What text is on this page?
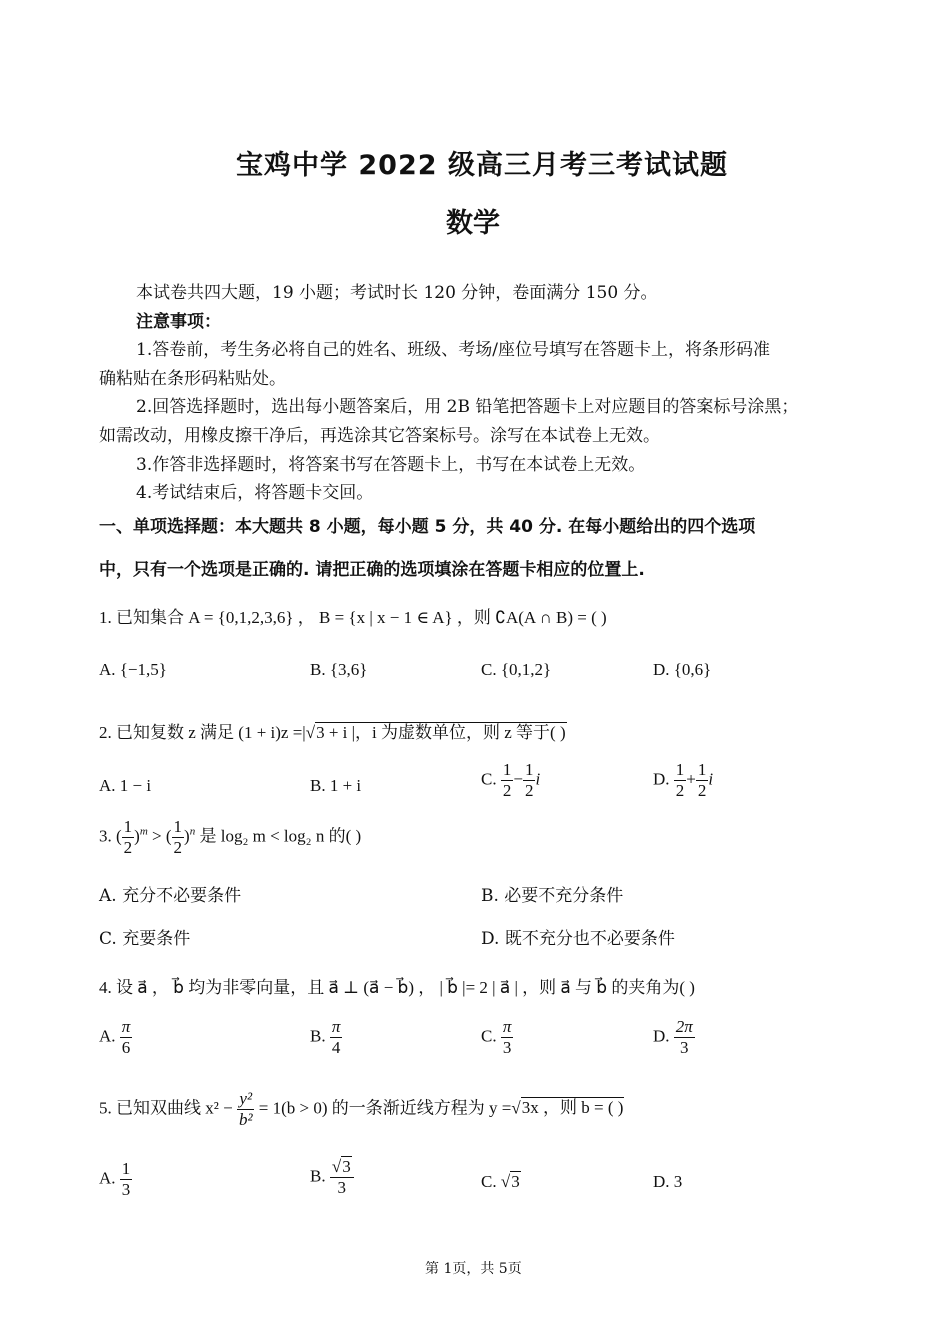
宝鸡中学 2022 级高三月考三考试试题
数学
本试卷共四大题，19 小题；考试时长 120 分钟，卷面满分 150 分。
注意事项：
1.答卷前，考生务必将自己的姓名、班级、考场/座位号填写在答题卡上，将条形码准
确粘贴在条形码粘贴处。
2.回答选择题时，选出每小题答案后，用 2B 铅笔把答题卡上对应题目的答案标号涂黑；
如需改动，用橡皮擦干净后，再选涂其它答案标号。涂写在本试卷上无效。
3.作答非选择题时，将答案书写在答题卡上，书写在本试卷上无效。
4.考试结束后，将答题卡交回。
一、单项选择题：本大题共 8 小题，每小题 5 分，共 40 分. 在每小题给出的四个选项
中，只有一个选项是正确的. 请把正确的选项填涂在答题卡相应的位置上.
1. 已知集合 A = {0,1,2,3,6} ， B = {x | x − 1 ∈ A} ，则 ∁A(A ∩ B) = ( )
A. {−1,5}	B. {3,6}	C. {0,1,2}	D. {0,6}
2. 已知复数 z 满足 (1 + i)z =|√3 + i |，i 为虚数单位，则 z 等于( )
A. 1 − i	B. 1 + i	C. $\frac{1}{2} - \frac{1}{2}$ i	D. $\frac{1}{2} + \frac{1}{2}$ i
3. ( $\frac{1}{2} )^m$ > ( $\frac{1}{2} )^n$ 是 log₂ m < log₂ n 的( )
A. 充分不必要条件	B. 必要不充分条件
C. 充要条件	D. 既不充分也不必要条件
4. 设 a⃗ ， b⃗ 均为非零向量，且 a⃗ ⊥ (a⃗ − b⃗) ， | b⃗ |= 2 | a⃗ | ，则 a⃗ 与 b⃗ 的夹角为( )
A. $\frac{\pi}{6}$	B. $\frac{\pi}{4}$	C. $\frac{\pi}{3}$	D. $\frac{2\pi}{3}$
5. 已知双曲线 $x^2 - \frac{\text{y²}}{\text{b²}} = 1(b > 0)$ 的一条渐近线方程为 y =√3x ，则 b = ( )
A. $\frac{1}{3}$	B. $\frac{√3}{3}$	C. √3	D. 3
第 1页，共 5页
